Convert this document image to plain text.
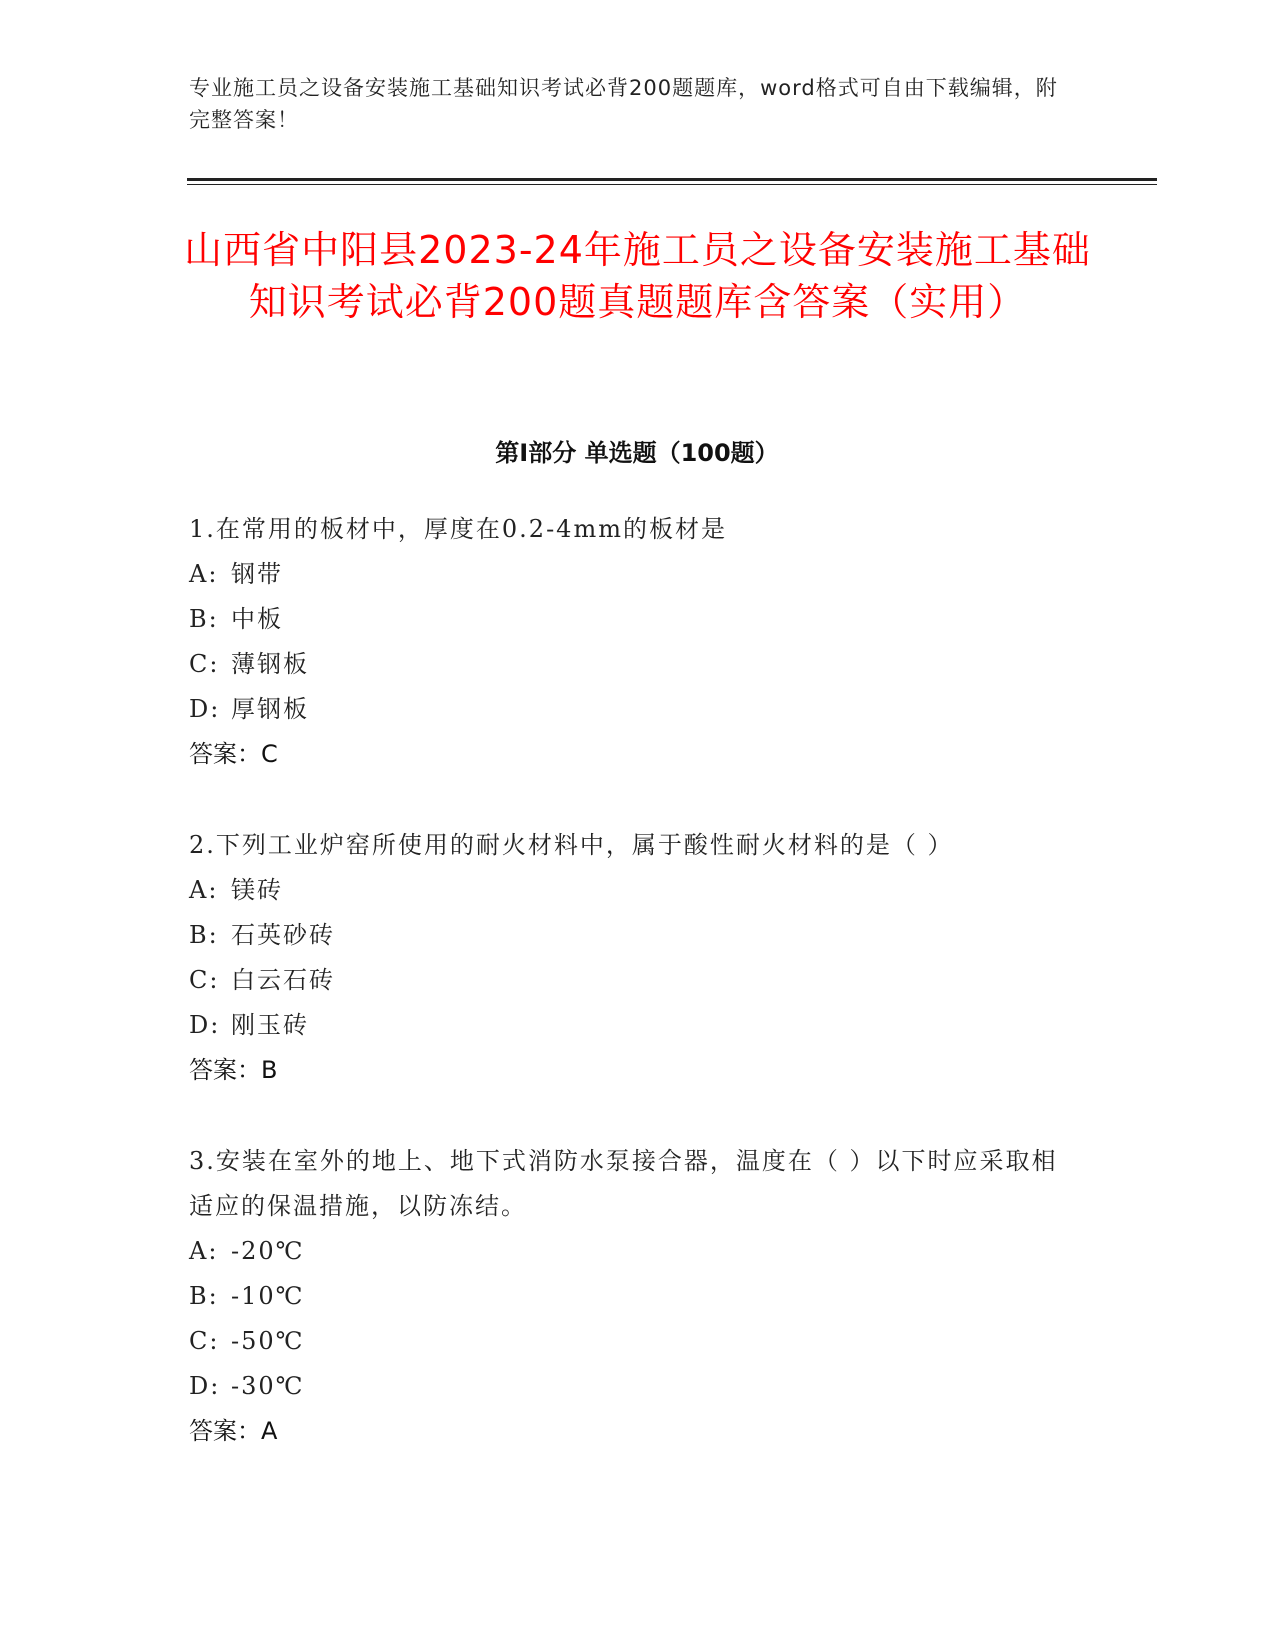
专业施工员之设备安装施工基础知识考试必背200题题库，word格式可自由下载编辑，附完整答案！
山西省中阳县2023-24年施工员之设备安装施工基础知识考试必背200题真题题库含答案（实用）
第I部分 单选题（100题）
1.在常用的板材中，厚度在0.2-4mm的板材是
A: 钢带
B: 中板
C: 薄钢板
D: 厚钢板
答案：C
2.下列工业炉窑所使用的耐火材料中，属于酸性耐火材料的是（ ）
A: 镁砖
B: 石英砂砖
C: 白云石砖
D: 刚玉砖
答案：B
3.安装在室外的地上、地下式消防水泵接合器，温度在（ ）以下时应采取相适应的保温措施，以防冻结。
A: -20℃
B: -10℃
C: -50℃
D: -30℃
答案：A
